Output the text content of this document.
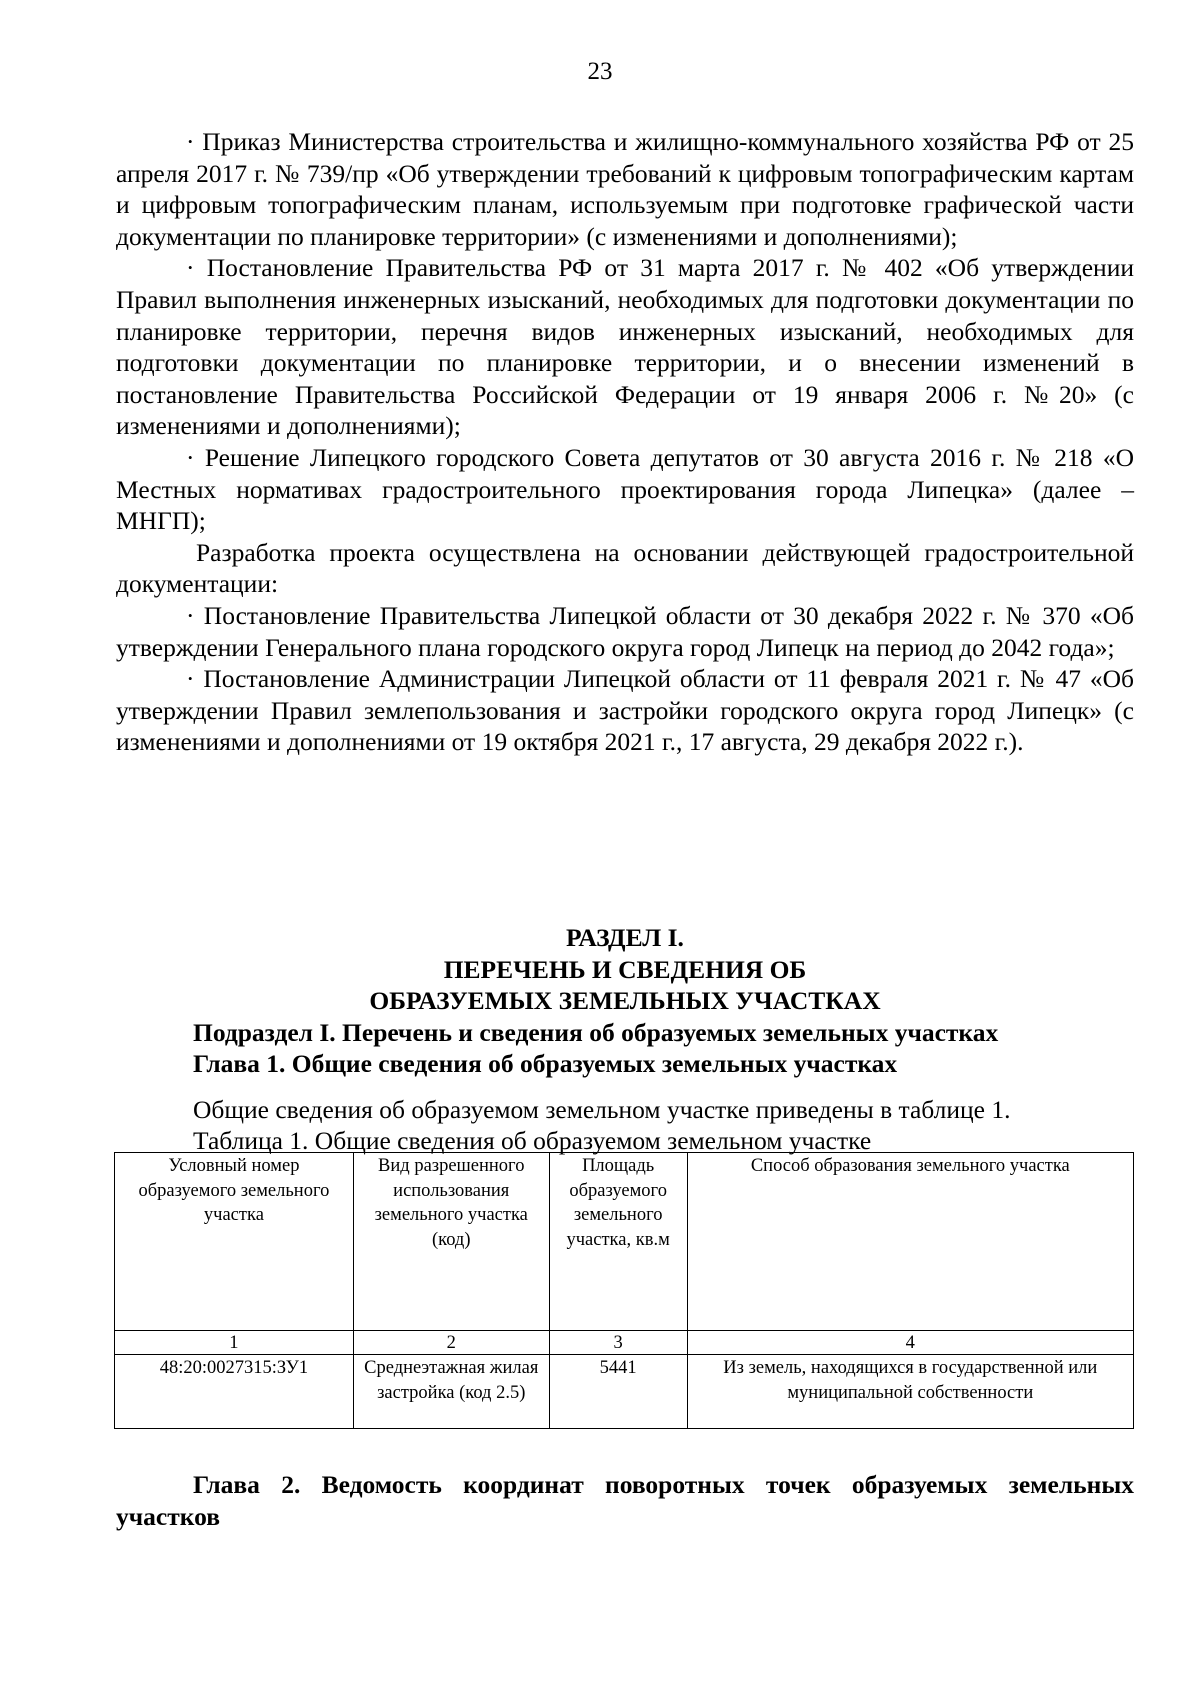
23

· Приказ Министерства строительства и жилищно-коммунального хозяйства РФ от 25 апреля 2017 г. № 739/пр «Об утверждении требований к цифровым топографическим картам и цифровым топографическим планам, используемым при подготовке графической части документации по планировке территории» (с изменениями и дополнениями);

· Постановление Правительства РФ от 31 марта 2017 г. № 402 «Об утверждении Правил выполнения инженерных изысканий, необходимых для подготовки документации по планировке территории, перечня видов инженерных изысканий, необходимых для подготовки документации по планировке территории, и о внесении изменений в постановление Правительства Российской Федерации от 19 января 2006 г. №20» (с изменениями и дополнениями);

· Решение Липецкого городского Совета депутатов от 30 августа 2016 г. № 218 «О Местных нормативах градостроительного проектирования города Липецка» (далее – МНГП);

Разработка проекта осуществлена на основании действующей градостроительной документации:

· Постановление Правительства Липецкой области от 30 декабря 2022 г. № 370 «Об утверждении Генерального плана городского округа город Липецк на период до 2042 года»;

· Постановление Администрации Липецкой области от 11 февраля 2021 г. № 47 «Об утверждении Правил землепользования и застройки городского округа город Липецк» (с изменениями и дополнениями от 19 октября 2021 г., 17 августа, 29 декабря 2022 г.).

РАЗДЕЛ I.

ПЕРЕЧЕНЬ И СВЕДЕНИЯ ОБ

ОБРАЗУЕМЫХ ЗЕМЕЛЬНЫХ УЧАСТКАХ

Подраздел I. Перечень и сведения об образуемых земельных участках

Глава 1. Общие сведения об образуемых земельных участках

Общие сведения об образуемом земельном участке приведены в таблице 1.

Таблица 1. Общие сведения об образуемом земельном участке

Условный номер образуемого земельного участка	Вид разрешенного использования земельного участка (код)	Площадь образуемого земельного участка, кв.м	Способ образования земельного участка
1	2	3	4
48:20:0027315:ЗУ1	Среднеэтажная жилая застройка (код 2.5)	5441	Из земель, находящихся в государственной или муниципальной собственности

Глава 2. Ведомость координат поворотных точек образуемых земельных участков
